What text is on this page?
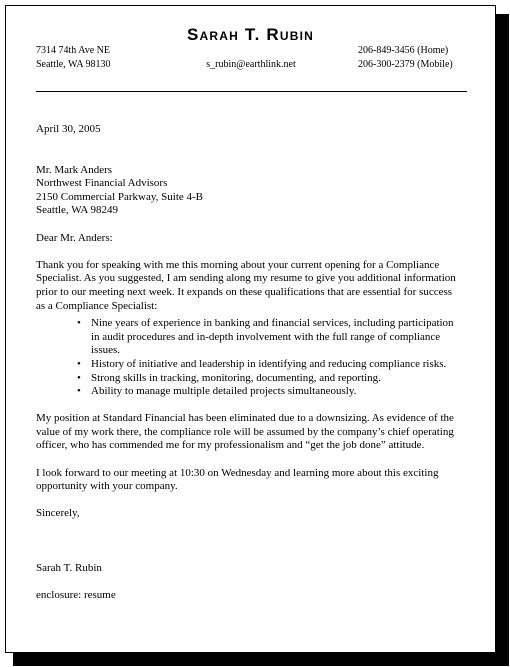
Sarah T. Rubin
7314 74th Ave NE
Seattle, WA 98130	s_rubin@earthlink.net
206-849-3456 (Home)
206-300-2379 (Mobile)

April 30, 2005

Mr. Mark Anders

Northwest Financial Advisors

2150 Commercial Parkway, Suite 4-B

Seattle, WA 98249

Dear Mr. Anders:

Thank you for speaking with me this morning about your current opening for a Compliance Specialist. As you suggested, I am sending along my resume to give you additional information prior to our meeting next week. It expands on these qualifications that are essential for success as a Compliance Specialist:

• Nine years of experience in banking and financial services, including participation in audit procedures and in-depth involvement with the full range of compliance issues.
• History of initiative and leadership in identifying and reducing compliance risks.
• Strong skills in tracking, monitoring, documenting, and reporting.
• Ability to manage multiple detailed projects simultaneously.

My position at Standard Financial has been eliminated due to a downsizing. As evidence of the value of my work there, the compliance role will be assumed by the company’s chief operating officer, who has commended me for my professionalism and “get the job done” attitude.

I look forward to our meeting at 10:30 on Wednesday and learning more about this exciting opportunity with your company.

Sincerely,

Sarah T. Rubin

enclosure: resume
